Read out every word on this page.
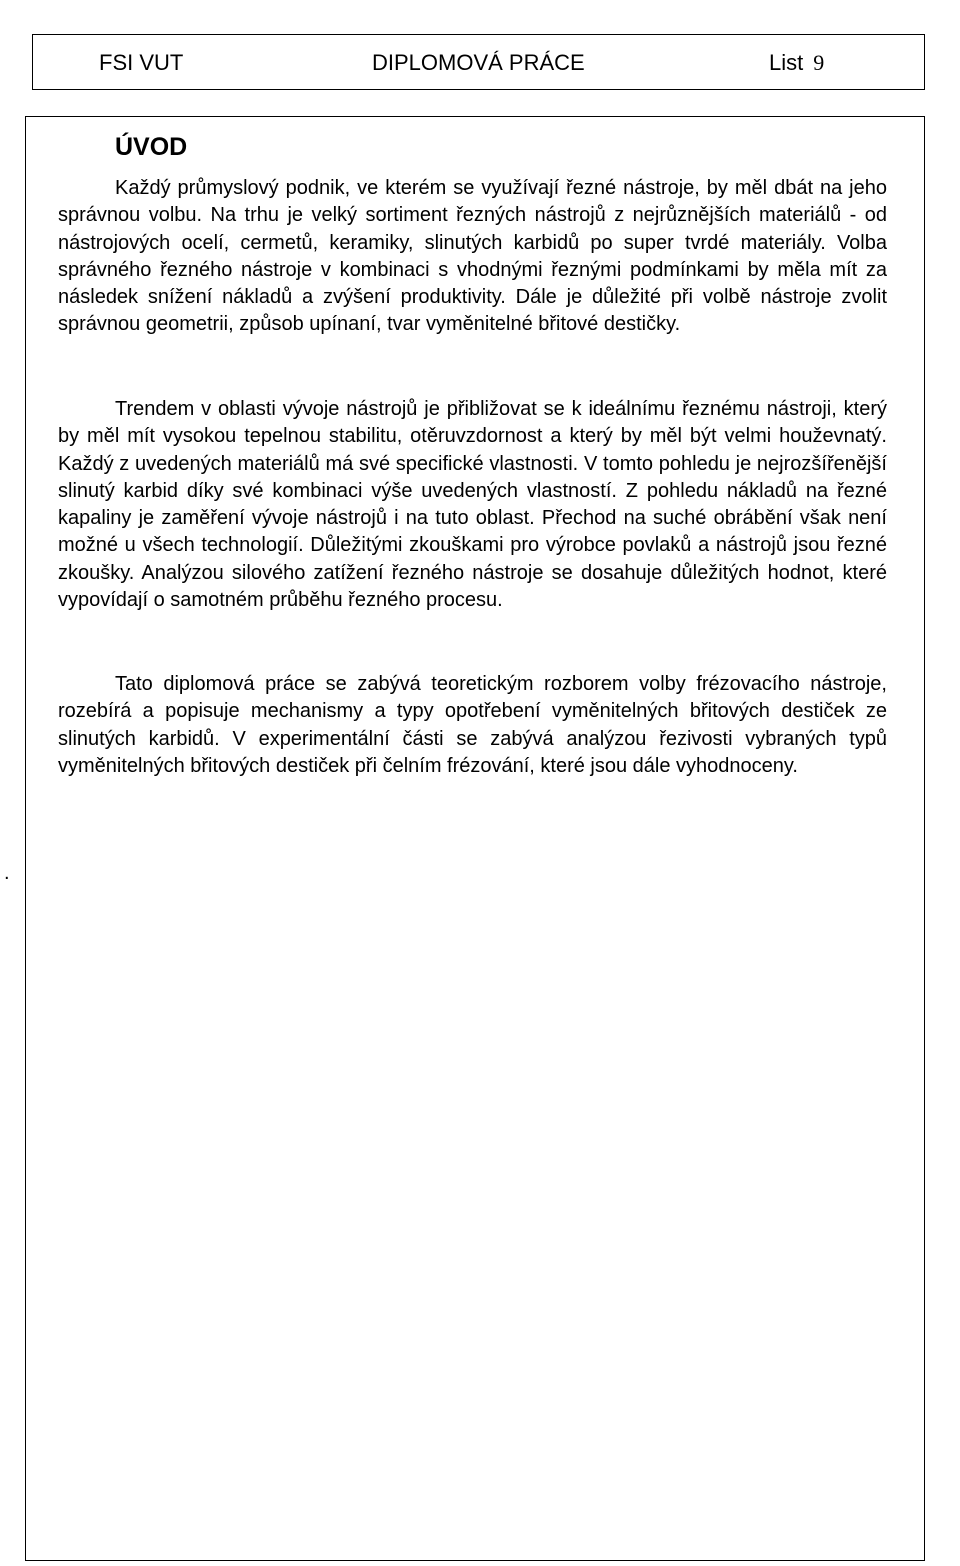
FSI VUT	DIPLOMOVÁ PRÁCE	List 9
ÚVOD

Každý průmyslový podnik, ve kterém se využívají řezné nástroje, by měl dbát na jeho správnou volbu. Na trhu je velký sortiment řezných nástrojů z nejrůznějších materiálů - od nástrojových ocelí, cermetů, keramiky, slinutých karbidů po super tvrdé materiály. Volba správného řezného nástroje v kombinaci s vhodnými řeznými podmínkami by měla mít za následek snížení nákladů a zvýšení produktivity. Dále je důležité při volbě nástroje zvolit správnou geometrii, způsob upínaní, tvar vyměnitelné břitové destičky.

Trendem v oblasti vývoje nástrojů je přibližovat se k ideálnímu řeznému nástroji, který by měl mít vysokou tepelnou stabilitu, otěruvzdornost a který by měl být velmi houževnatý. Každý z uvedených materiálů má své specifické vlastnosti. V tomto pohledu je nejrozšířenější slinutý karbid díky své kombinaci výše uvedených vlastností. Z pohledu nákladů na řezné kapaliny je zaměření vývoje nástrojů i na tuto oblast. Přechod na suché obrábění však není možné u všech technologií. Důležitými zkouškami pro výrobce povlaků a nástrojů jsou řezné zkoušky. Analýzou silového zatížení řezného nástroje se dosahuje důležitých hodnot, které vypovídají o samotném průběhu řezného procesu.

Tato diplomová práce se zabývá teoretickým rozborem volby frézovacího nástroje, rozebírá a popisuje mechanismy a typy opotřebení vyměnitelných břitových destiček ze slinutých karbidů. V experimentální části se zabývá analýzou řezivosti vybraných typů vyměnitelných břitových destiček při čelním frézování, které jsou dále vyhodnoceny.

.
